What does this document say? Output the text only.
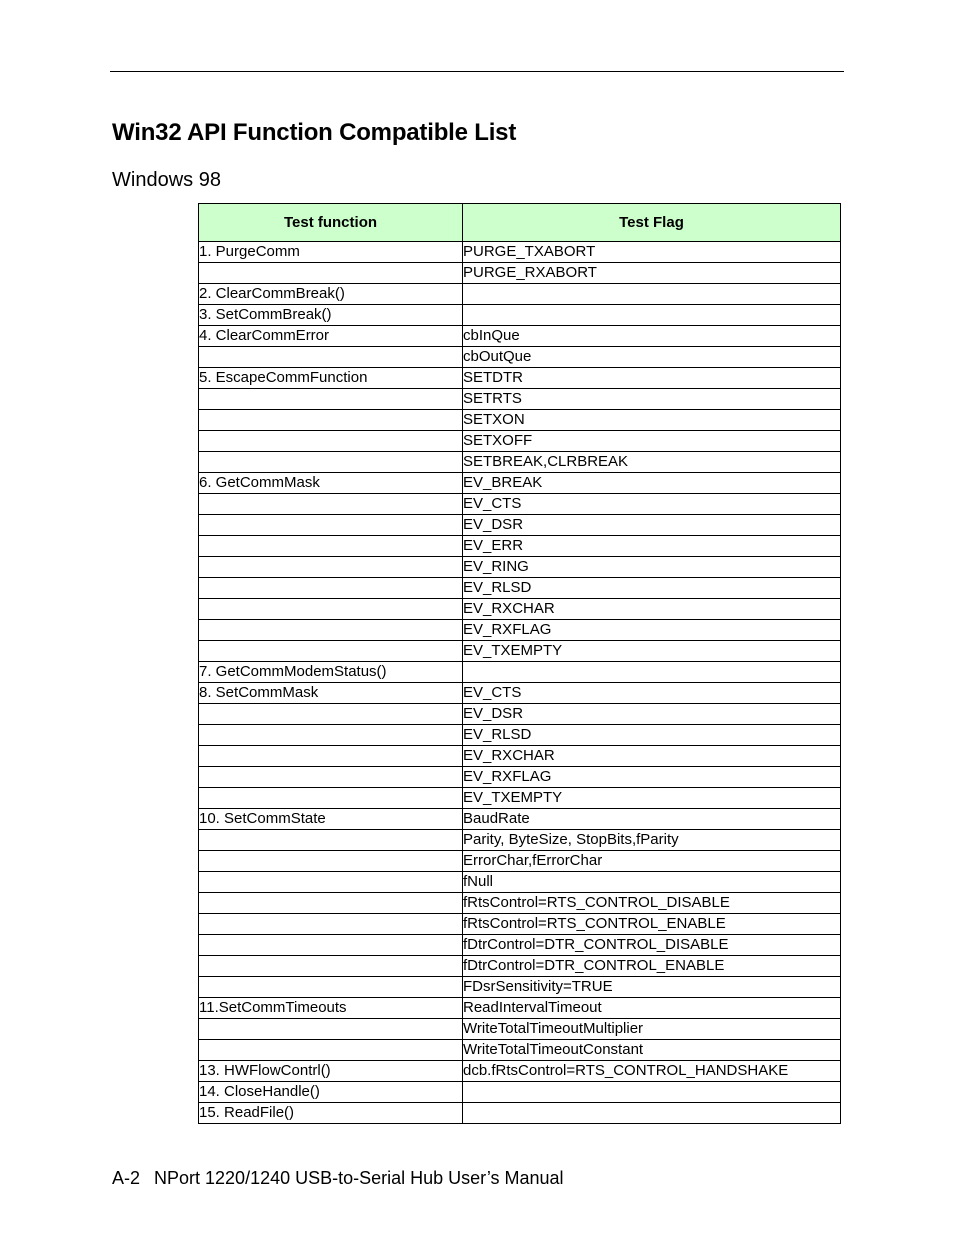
Win32 API Function Compatible List
Windows 98
Test function	Test Flag
1. PurgeComm	PURGE_TXABORT
	PURGE_RXABORT
2. ClearCommBreak()	
3. SetCommBreak()	
4. ClearCommError	cbInQue
	cbOutQue
5. EscapeCommFunction	SETDTR
	SETRTS
	SETXON
	SETXOFF
	SETBREAK,CLRBREAK
6. GetCommMask	EV_BREAK
	EV_CTS
	EV_DSR
	EV_ERR
	EV_RING
	EV_RLSD
	EV_RXCHAR
	EV_RXFLAG
	EV_TXEMPTY
7. GetCommModemStatus()	
8. SetCommMask	EV_CTS
	EV_DSR
	EV_RLSD
	EV_RXCHAR
	EV_RXFLAG
	EV_TXEMPTY
10. SetCommState	BaudRate
	Parity, ByteSize, StopBits,fParity
	ErrorChar,fErrorChar
	fNull
	fRtsControl=RTS_CONTROL_DISABLE
	fRtsControl=RTS_CONTROL_ENABLE
	fDtrControl=DTR_CONTROL_DISABLE
	fDtrControl=DTR_CONTROL_ENABLE
	FDsrSensitivity=TRUE
11.SetCommTimeouts	ReadIntervalTimeout
	WriteTotalTimeoutMultiplier
	WriteTotalTimeoutConstant
13. HWFlowContrl()	dcb.fRtsControl=RTS_CONTROL_HANDSHAKE
14. CloseHandle()	
15. ReadFile()	
A-2 NPort 1220/1240 USB-to-Serial Hub User’s Manual
